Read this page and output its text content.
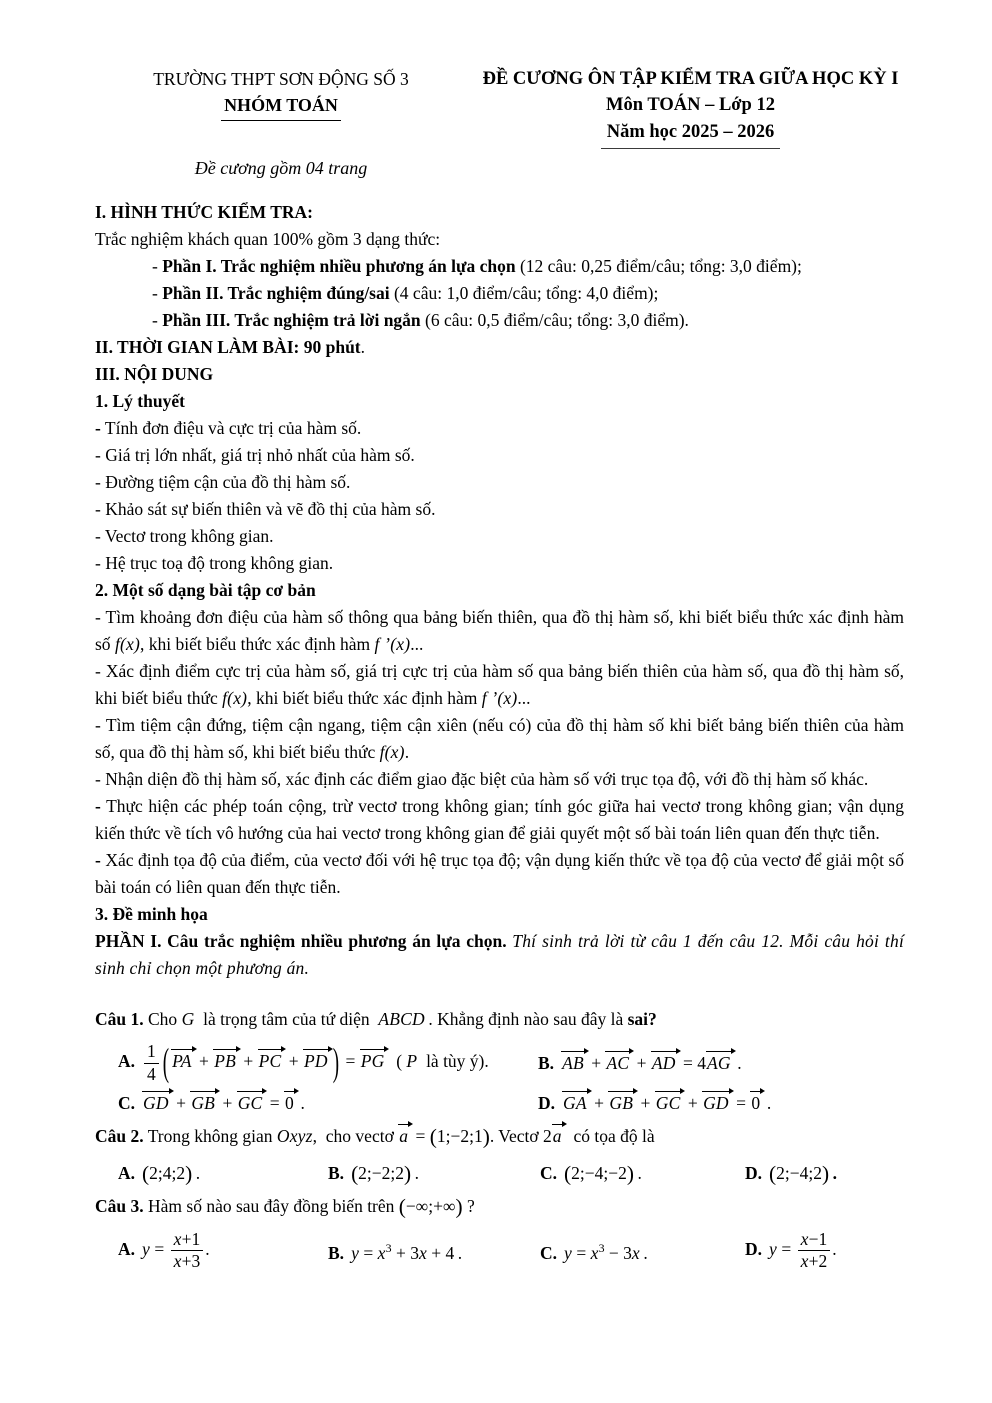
TRƯỜNG THPT SƠN ĐỘNG SỐ 3
NHÓM TOÁN
ĐỀ CƯƠNG ÔN TẬP KIỂM TRA GIỮA HỌC KỲ I
Môn TOÁN – Lớp 12
Năm học 2025 – 2026
Đề cương gồm 04 trang

I. HÌNH THỨC KIỂM TRA:

Trắc nghiệm khách quan 100% gồm 3 dạng thức:

- Phần I. Trắc nghiệm nhiều phương án lựa chọn (12 câu: 0,25 điểm/câu; tổng: 3,0 điểm);

- Phần II. Trắc nghiệm đúng/sai (4 câu: 1,0 điểm/câu; tổng: 4,0 điểm);

- Phần III. Trắc nghiệm trả lời ngắn (6 câu: 0,5 điểm/câu; tổng: 3,0 điểm).

II. THỜI GIAN LÀM BÀI: 90 phút.

III. NỘI DUNG

1. Lý thuyết

- Tính đơn điệu và cực trị của hàm số.

- Giá trị lớn nhất, giá trị nhỏ nhất của hàm số.

- Đường tiệm cận của đồ thị hàm số.

- Khảo sát sự biến thiên và vẽ đồ thị của hàm số.

- Vectơ trong không gian.

- Hệ trục toạ độ trong không gian.

2. Một số dạng bài tập cơ bản

- Tìm khoảng đơn điệu của hàm số thông qua bảng biến thiên, qua đồ thị hàm số, khi biết biểu thức xác định hàm số f(x), khi biết biểu thức xác định hàm f ’(x)...

- Xác định điểm cực trị của hàm số, giá trị cực trị của hàm số qua bảng biến thiên của hàm số, qua đồ thị hàm số, khi biết biểu thức f(x), khi biết biểu thức xác định hàm f ’(x)...

- Tìm tiệm cận đứng, tiệm cận ngang, tiệm cận xiên (nếu có) của đồ thị hàm số khi biết bảng biến thiên của hàm số, qua đồ thị hàm số, khi biết biểu thức f(x).

- Nhận diện đồ thị hàm số, xác định các điểm giao đặc biệt của hàm số với trục tọa độ, với đồ thị hàm số khác.

- Thực hiện các phép toán cộng, trừ vectơ trong không gian; tính góc giữa hai vectơ trong không gian; vận dụng kiến thức về tích vô hướng của hai vectơ trong không gian để giải quyết một số bài toán liên quan đến thực tiễn.

- Xác định tọa độ của điểm, của vectơ đối với hệ trục tọa độ; vận dụng kiến thức về tọa độ của vectơ để giải một số bài toán có liên quan đến thực tiễn.

3. Đề minh họa

PHẦN I. Câu trắc nghiệm nhiều phương án lựa chọn. Thí sinh trả lời từ câu 1 đến câu 12. Mỗi câu hỏi thí sinh chỉ chọn một phương án.

Câu 1. Cho G  là trọng tâm của tứ diện  ABCD . Khẳng định nào sau đây là sai?

A. $\frac{1}{4}$ ( PA + PB + PC + PD ) = PG  ( P  là tùy ý).	B. AB + AC + AD = 4AG .
C. GD + GB + GC = 0 .	D. GA + GB + GC + GD = 0 .

Câu 2. Trong không gian Oxyz,  cho vectơ a = (1;−2;1). Vectơ 2a  có tọa độ là

A. (2;4;2) .	B. (2;−2;2) .	C. (2;−4;−2) .	D. (2;−4;2)  .

Câu 3. Hàm số nào sau đây đồng biến trên (−∞;+∞) ?

A. $y = \frac{x+1}{x+3}$ .	B. $y = x^3 + 3x + 4$ .	C. $y = x^3 - 3x$ .	D. $y = \frac{x-1}{x+2}$ .
